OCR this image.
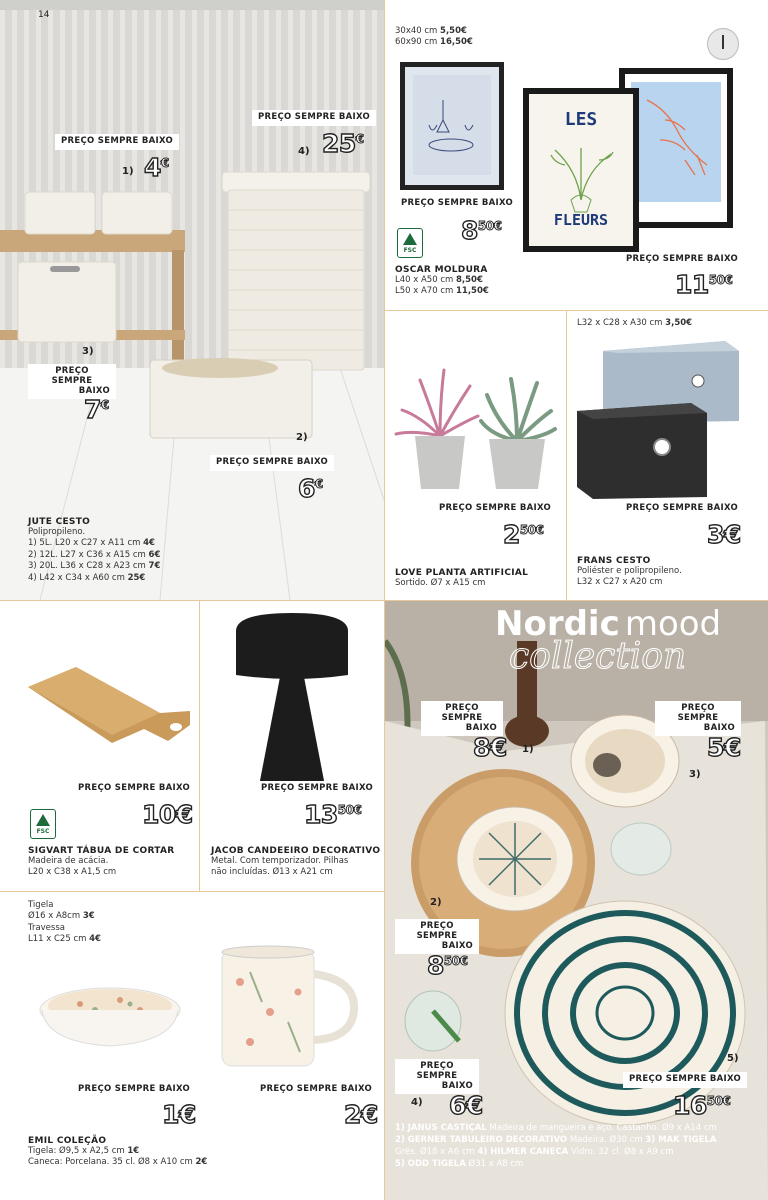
14
PREÇO SEMPRE BAIXO
4) 25€
PREÇO SEMPRE BAIXO
1) 4€
3)
PREÇO SEMPRE
BAIXO
7€
2)
PREÇO SEMPRE BAIXO
6€
JUTE CESTO
Polipropileno.
1) 5L. L20 x C27 x A11 cm 4€
2) 12L. L27 x C36 x A15 cm 6€
3) 20L. L36 x C28 x A23 cm 7€
4) L42 x C34 x A60 cm 25€
30x40 cm 5,50€
60x90 cm 16,50€
LES
FLEURS
PREÇO SEMPRE BAIXO
FSC
$8^{50€}$
PREÇO SEMPRE BAIXO
$11^{50€}$
OSCAR MOLDURA
L40 x A50 cm 8,50€
L50 x A70 cm 11,50€
PREÇO SEMPRE BAIXO
$2^{50€}$
LOVE PLANTA ARTIFICIAL
Sortido. Ø7 x A15 cm
L32 x C28 x A30 cm 3,50€
PREÇO SEMPRE BAIXO
3€
FRANS CESTO
Poliéster e polipropileno.
L32 x C27 x A20 cm
PREÇO SEMPRE BAIXO
FSC
10€
SIGVART TÁBUA DE CORTAR
Madeira de acácia.
L20 x C38 x A1,5 cm
PREÇO SEMPRE BAIXO
$13^{50€}$
JACOB CANDEEIRO DECORATIVO
Metal. Com temporizador. Pilhas
não incluídas. Ø13 x A21 cm
Tigela
Ø16 x A8cm 3€
Travessa
L11 x C25 cm 4€
PREÇO SEMPRE BAIXO
1€
PREÇO SEMPRE BAIXO
2€
EMIL COLEÇÃO
Tigela: Ø9,5 x A2,5 cm 1€
Caneca: Porcelana. 35 cl. Ø8 x A10 cm 2€
Nordic mood
collection
PREÇO SEMPRE
BAIXO
8€ 1)
PREÇO SEMPRE
BAIXO
5€
3)
2)
PREÇO SEMPRE
BAIXO
$8^{50€}$
5)
PREÇO SEMPRE
BAIXO
4) 6€
PREÇO SEMPRE BAIXO
$16^{50€}$
1) JANUS CASTIÇAL Madeira de mangueira e aço. Castanho. Ø9 x A14 cm
2) GERNER TABULEIRO DECORATIVO Madeira. Ø30 cm 3) MAK TIGELA
Grés. Ø18 x A6 cm 4) HILMER CANECA Vidro. 32 cl. Ø8 x A9 cm
5) ODD TIGELA Ø31 x A8 cm
